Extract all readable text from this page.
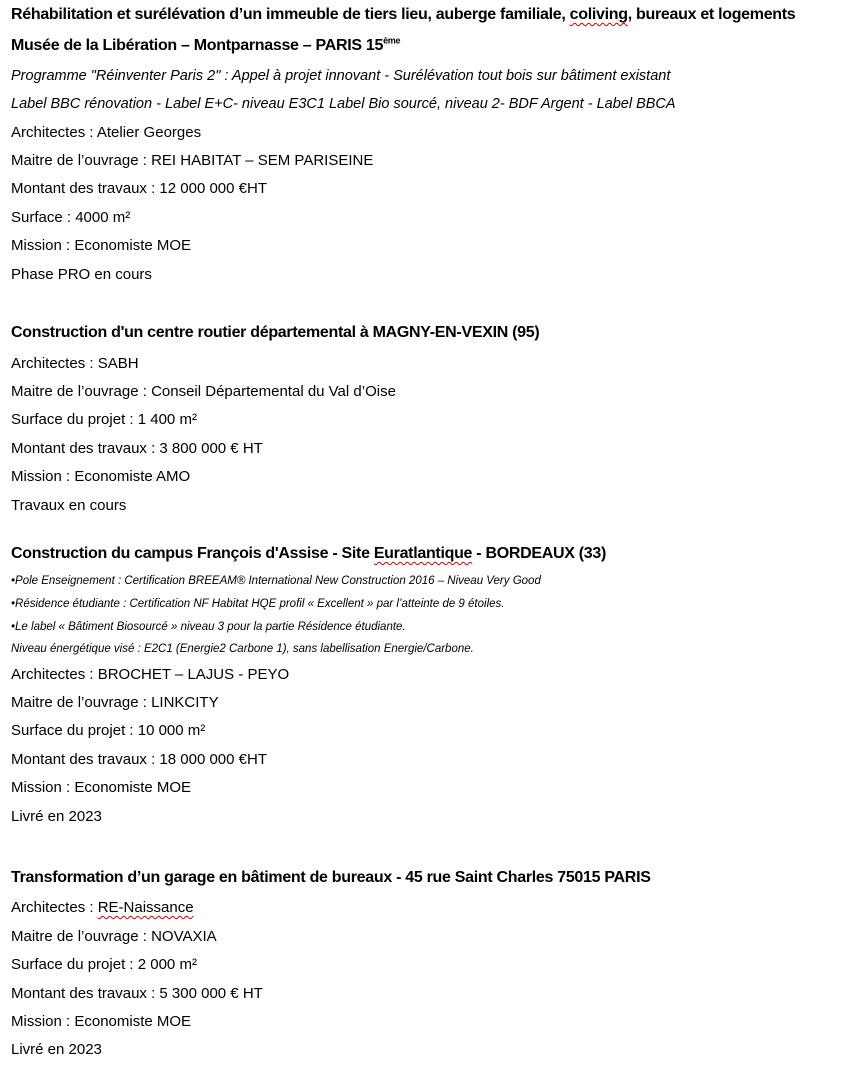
Réhabilitation et surélévation d’un immeuble de tiers lieu, auberge familiale, coliving, bureaux et logements
Musée de la Libération – Montparnasse – PARIS 15ème
Programme "Réinventer Paris 2" : Appel à projet innovant - Surélévation tout bois sur bâtiment existant
Label BBC rénovation - Label E+C- niveau E3C1 Label Bio sourcé, niveau 2- BDF Argent - Label BBCA
Architectes : Atelier Georges
Maitre de l’ouvrage : REI HABITAT – SEM PARISEINE
Montant des travaux : 12 000 000 €HT
Surface : 4000 m²
Mission : Economiste MOE
Phase PRO en cours
Construction d'un centre routier départemental à MAGNY-EN-VEXIN (95)
Architectes : SABH
Maitre de l’ouvrage : Conseil Départemental du Val d’Oise
Surface du projet : 1 400 m²
Montant des travaux : 3 800 000 € HT
Mission : Economiste AMO
Travaux en cours
Construction du campus François d'Assise - Site Euratlantique - BORDEAUX (33)
•Pole Enseignement : Certification BREEAM® International New Construction 2016 – Niveau Very Good
•Résidence étudiante : Certification NF Habitat HQE profil « Excellent » par l’atteinte de 9 étoiles.
•Le label « Bâtiment Biosourcé » niveau 3 pour la partie Résidence étudiante.
Niveau énergétique visé : E2C1 (Energie2 Carbone 1), sans labellisation Energie/Carbone.
Architectes : BROCHET – LAJUS - PEYO
Maitre de l’ouvrage : LINKCITY
Surface du projet : 10 000 m²
Montant des travaux : 18 000 000 €HT
Mission : Economiste MOE
Livré en 2023
Transformation d’un garage en bâtiment de bureaux - 45 rue Saint Charles 75015 PARIS
Architectes : RE-Naissance
Maitre de l’ouvrage : NOVAXIA
Surface du projet : 2 000 m²
Montant des travaux : 5 300 000 € HT
Mission : Economiste MOE
Livré en 2023
